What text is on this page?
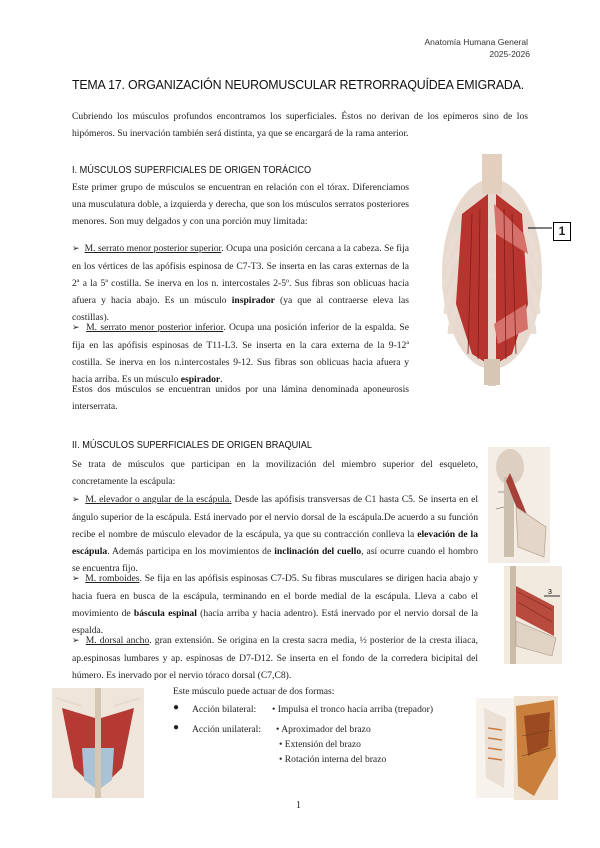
Anatomía Humana General
2025-2026
TEMA 17. ORGANIZACIÓN NEUROMUSCULAR RETRORRAQUÍDEA EMIGRADA.
Cubriendo los músculos profundos encontramos los superficiales. Éstos no derivan de los epímeros sino de los hipómeros. Su inervación también será distinta, ya que se encargará de la rama anterior.
I. MÚSCULOS SUPERFICIALES DE ORIGEN TORÁCICO
Este primer grupo de músculos se encuentran en relación con el tórax. Diferenciamos una musculatura doble, a izquierda y derecha, que son los músculos serratos posteriores menores. Son muy delgados y con una porción muy limitada:
➢ M. serrato menor posterior superior. Ocupa una posición cercana a la cabeza. Se fija en los vértices de las apófisis espinosa de C7-T3. Se inserta en las caras externas de la 2ª a la 5ª costilla. Se inerva en los n. intercostales 2-5º. Sus fibras son oblicuas hacia afuera y hacia abajo. Es un músculo inspirador (ya que al contraerse eleva las costillas).
➢ M. serrato menor posterior inferior. Ocupa una posición inferior de la espalda. Se fija en las apófisis espinosas de T11-L3. Se inserta en la cara externa de la 9-12ª costilla. Se inerva en los n.intercostales 9-12. Sus fibras son oblicuas hacia afuera y hacia arriba. Es un músculo espirador.
Estos dos músculos se encuentran unidos por una lámina denominada aponeurosis interserrata.
1
II. MÚSCULOS SUPERFICIALES DE ORIGEN BRAQUIAL
Se trata de músculos que participan en la movilización del miembro superior del esqueleto, concretamente la escápula:
➢ M. elevador o angular de la escápula. Desde las apófisis transversas de C1 hasta C5. Se inserta en el ángulo superior de la escápula. Está inervado por el nervio dorsal de la escápula.De acuerdo a su función recibe el nombre de músculo elevador de la escápula, ya que su contracción conlleva la elevación de la escápula. Además participa en los movimientos de inclinación del cuello, así ocurre cuando el hombro se encuentra fijo.
➢ M. romboides. Se fija en las apófisis espinosas C7-D5. Su fibras musculares se dirigen hacia abajo y hacia fuera en busca de la escápula, terminando en el borde medial de la escápula. Lleva a cabo el movimiento de báscula espinal (hacia arriba y hacia adentro). Está inervado por el nervio dorsal de la espalda.
➢ M. dorsal ancho. gran extensión. Se origina en la cresta sacra media, ½ posterior de la cresta iliaca, ap.espinosas lumbares y ap. espinosas de D7-D12. Se inserta en el fondo de la corredera bicipital del húmero. Es inervado por el nervio tóraco dorsal (C7,C8).
Este músculo puede actuar de dos formas:
● Acción bilateral: • Impulsa el tronco hacia arriba (trepador)
● Acción unilateral: • Aproximador del brazo
• Extensión del brazo
• Rotación interna del brazo
3
1
